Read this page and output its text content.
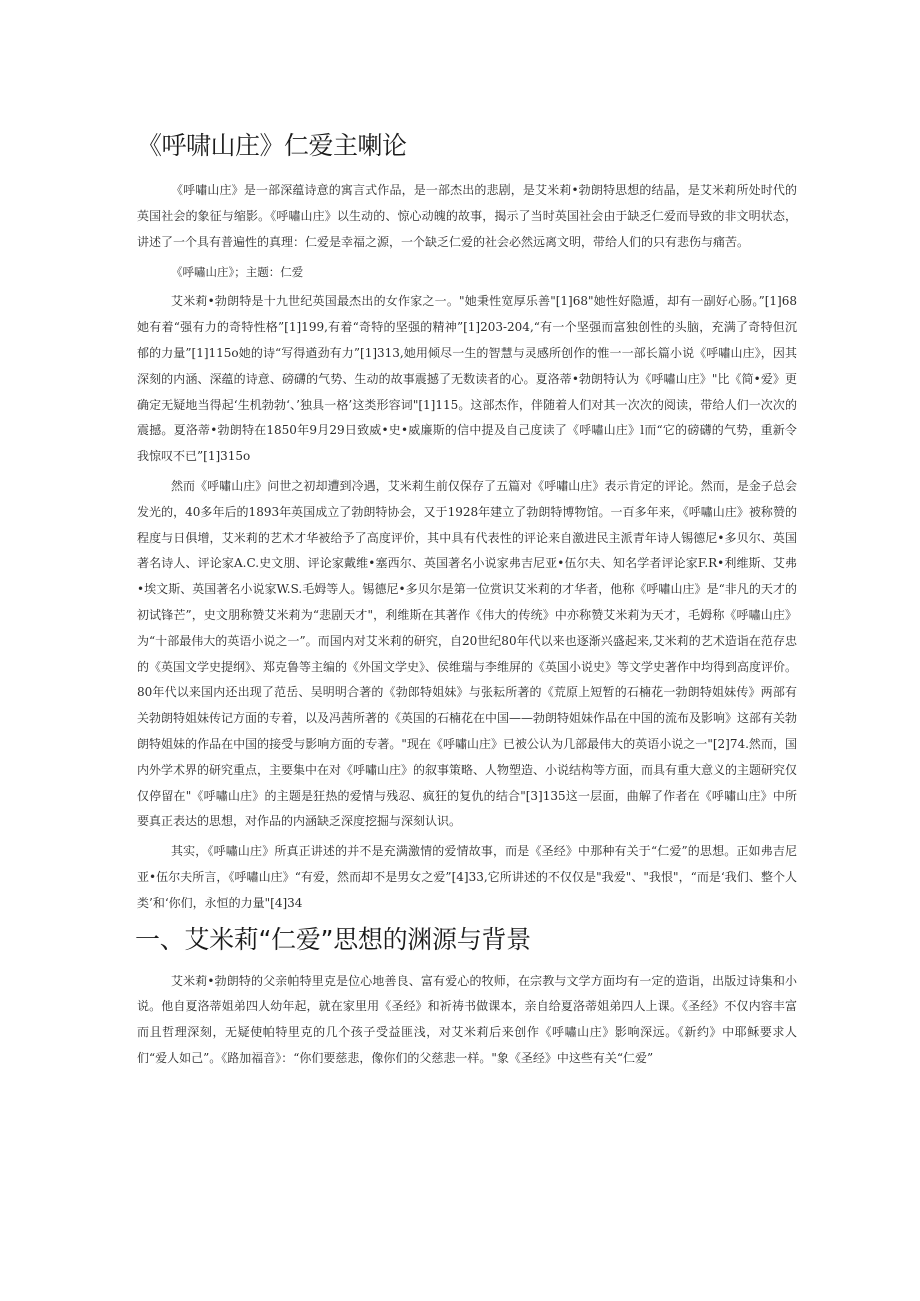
《呼啸山庄》仁爱主喇论

《呼嘯山庄》是一部深蕴诗意的寓言式作品，是一部杰出的悲剧，是艾米莉•勃朗特思想的结晶，是艾米莉所处时代的英国社会的象征与缩影。《呼嘯山庄》以生动的、惊心动魄的故事，揭示了当时英国社会由于缺乏仁爱而导致的非文明状态，讲述了一个具有普遍性的真理：仁爱是幸福之源，一个缺乏仁爱的社会必然远离文明，带给人们的只有悲伤与痛苦。

《呼嘯山庄》；主题：仁爱

艾米莉•勃朗特是十九世纪英国最杰出的女作家之一。"她秉性宽厚乐善"[1]68"她性好隐遁，却有一副好心肠。”[1]68她有着“强有力的奇特性格”[1]199,有着“奇特的坚强的精神”[1]203-204,“有一个坚强而富独创性的头脑，充满了奇特但沉郁的力量”[1]115o她的诗“写得遒劲有力”[1]313,她用倾尽一生的智慧与灵感所创作的惟一一部长篇小说《呼嘯山庄》，因其深刻的内涵、深蕴的诗意、磅礴的气势、生动的故事震撼了无数读者的心。夏洛蒂•勃朗特认为《呼嘯山庄》"比《简•爱》更确定无疑地当得起‘生机勃勃‘、’独具一格’这类形容词"[1]115。这部杰作，伴随着人们对其一次次的阅读，带给人们一次次的震撼。夏洛蒂•勃朗特在1850年9月29日致威•史•威廉斯的信中提及自己度读了《呼嘯山庄》l而“它的磅礴的气势，重新令我惊叹不已”[1]315o

然而《呼嘯山庄》问世之初却遭到冷遇，艾米莉生前仅保存了五篇对《呼嘯山庄》表示肯定的评论。然而，是金子总会发光的，40多年后的1893年英国成立了勃朗特协会，又于1928年建立了勃朗特博物馆。一百多年来，《呼嘯山庄》被称赞的程度与日俱增，艾米莉的艺术才华被给予了高度评价，其中具有代表性的评论来自激进民主派青年诗人锡德尼•多贝尔、英国著名诗人、评论家A.C.史文朋、评论家戴维•塞西尔、英国著名小说家弗吉尼亚•伍尔夫、知名学者评论家F.R•利维斯、艾弗•埃文斯、英国著名小说家W.S.毛姆等人。锡德尼•多贝尔是第一位赏识艾米莉的才华者，他称《呼嘯山庄》是“非凡的天才的初试锋芒”，史文朋称赞艾米莉为“悲剧天才"，利维斯在其著作《伟大的传统》中亦称赞艾米莉为天才，毛姆称《呼嘯山庄》为“十部最伟大的英语小说之一”。而国内对艾米莉的研究，自20世纪80年代以来也逐渐兴盛起来,艾米莉的艺术造诣在范存忠的《英国文学史提纲》、郑克鲁等主编的《外国文学史》、侯维瑞与李维屏的《英国小说史》等文学史著作中均得到高度评价。80年代以来国内还出现了范岳、吴明明合著的《勃郎特姐妹》与张耘所著的《荒原上短暂的石楠花一勃朗特姐妹传》两部有关勃朗特姐妹传记方面的专着，以及冯茜所著的《英国的石楠花在中国——勃朗特姐妹作品在中国的流布及影响》这部有关勃朗特姐妹的作品在中国的接受与影响方面的专著。"现在《呼嘯山庄》已被公认为几部最伟大的英语小说之一"[2]74.然而，国内外学术界的研究重点，主要集中在对《呼嘯山庄》的叙事策略、人物塑造、小说结构等方面，而具有重大意义的主题研究仅仅停留在"《呼嘯山庄》的主题是狂热的爱情与残忍、疯狂的复仇的结合"[3]135这一层面，曲解了作者在《呼嘯山庄》中所要真正表达的思想，对作品的内涵缺乏深度挖掘与深刻认识。

其实，《呼嘯山庄》所真正讲述的并不是充满激情的爱情故事，而是《圣经》中那种有关于“仁爱”的思想。正如弗吉尼亚•伍尔夫所言，《呼嘯山庄》“有爱，然而却不是男女之爱”[4]33,它所讲述的不仅仅是"我爱"、"我恨"，“而是‘我们、整个人类’和‘你们，永恒的力量"[4]34

一、艾米莉“仁爱”思想的渊源与背景

艾米莉•勃朗特的父亲帕特里克是位心地善良、富有爱心的牧师，在宗教与文学方面均有一定的造诣，出版过诗集和小说。他自夏洛蒂姐弟四人幼年起，就在家里用《圣经》和祈祷书做课本，亲自给夏洛蒂姐弟四人上课。《圣经》不仅内容丰富而且哲理深刻，无疑使帕特里克的几个孩子受益匪浅，对艾米莉后来创作《呼嘯山庄》影响深远。《新约》中耶稣要求人们“爱人如己”。《路加福音》：“你们要慈悲，像你们的父慈悲一样。"象《圣经》中这些有关“仁爱”
